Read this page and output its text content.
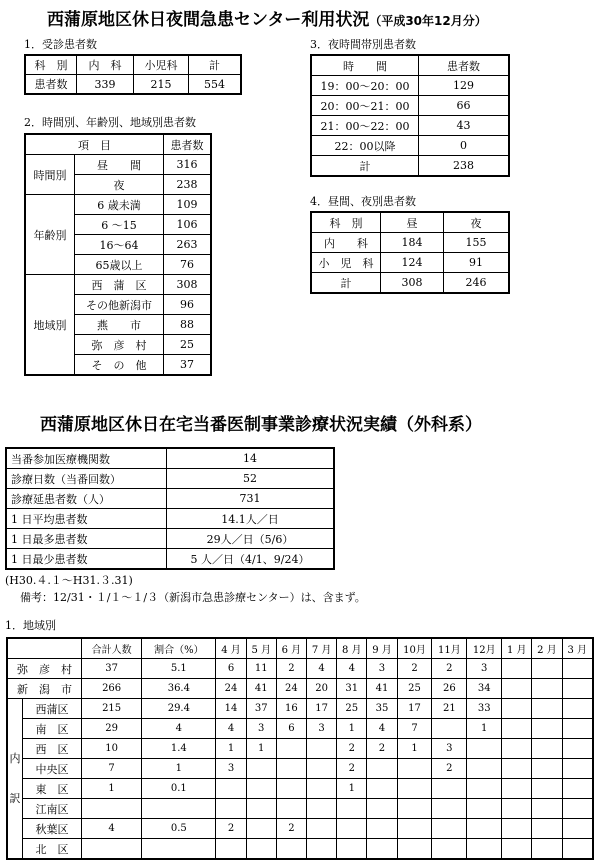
西蒲原地区休日夜間急患センター利用状況（平成30年12月分）
1．受診患者数
科　別	内　科	小児科	計
患者数	339	215	554
2．時間別、年齢別、地域別患者数
項　目		患者数
時間別	昼　　間	316
	夜	238
年齢別	6 歳未満	109
	6 ～15	106
	16～64	263
	65歳以上	76
地域別	西　蒲　区	308
	その他新潟市	96
	燕　　市	88
	弥　彦　村	25
	そ　の　他	37
3．夜時間帯別患者数
時　　間	患者数
19：00～20：00	129
20：00～21：00	66
21：00～22：00	43
22：00以降	0
計	238
4．昼間、夜別患者数
科　別	昼	夜
内　　科	184	155
小　児　科	124	91
計	308	246
西蒲原地区休日在宅当番医制事業診療状況実績（外科系）
当番参加医療機関数	14
診療日数（当番回数）	52
診療延患者数（人）	731
1 日平均患者数	14.1人／日
1 日最多患者数	29人／日（5/6）
1 日最少患者数	5 人／日（4/1、9/24）
(H30.４.１～H31.３.31)
備考：12/31・１/１～１/３（新潟市急患診療センター）は、含まず。
1．地域別
		合計人数	割合（%）	4 月	5 月	6 月	7 月	8 月	9 月	10月	11月	12月	1 月	2 月	3 月
弥　彦　村		37	5.1	6	11	2	4	4	3	2	2	3			
新　潟　市		266	36.4	24	41	24	20	31	41	25	26	34			
内訳	西蒲区	215	29.4	14	37	16	17	25	35	17	21	33			
	南　区	29	4	4	3	6	3	1	4	7		1			
	西　区	10	1.4	1	1			2	2	1	3				
	中央区	7	1	3				2			2				
	東　区	1	0.1					1							
	江南区														
	秋葉区	4	0.5	2		2									
	北　区														
